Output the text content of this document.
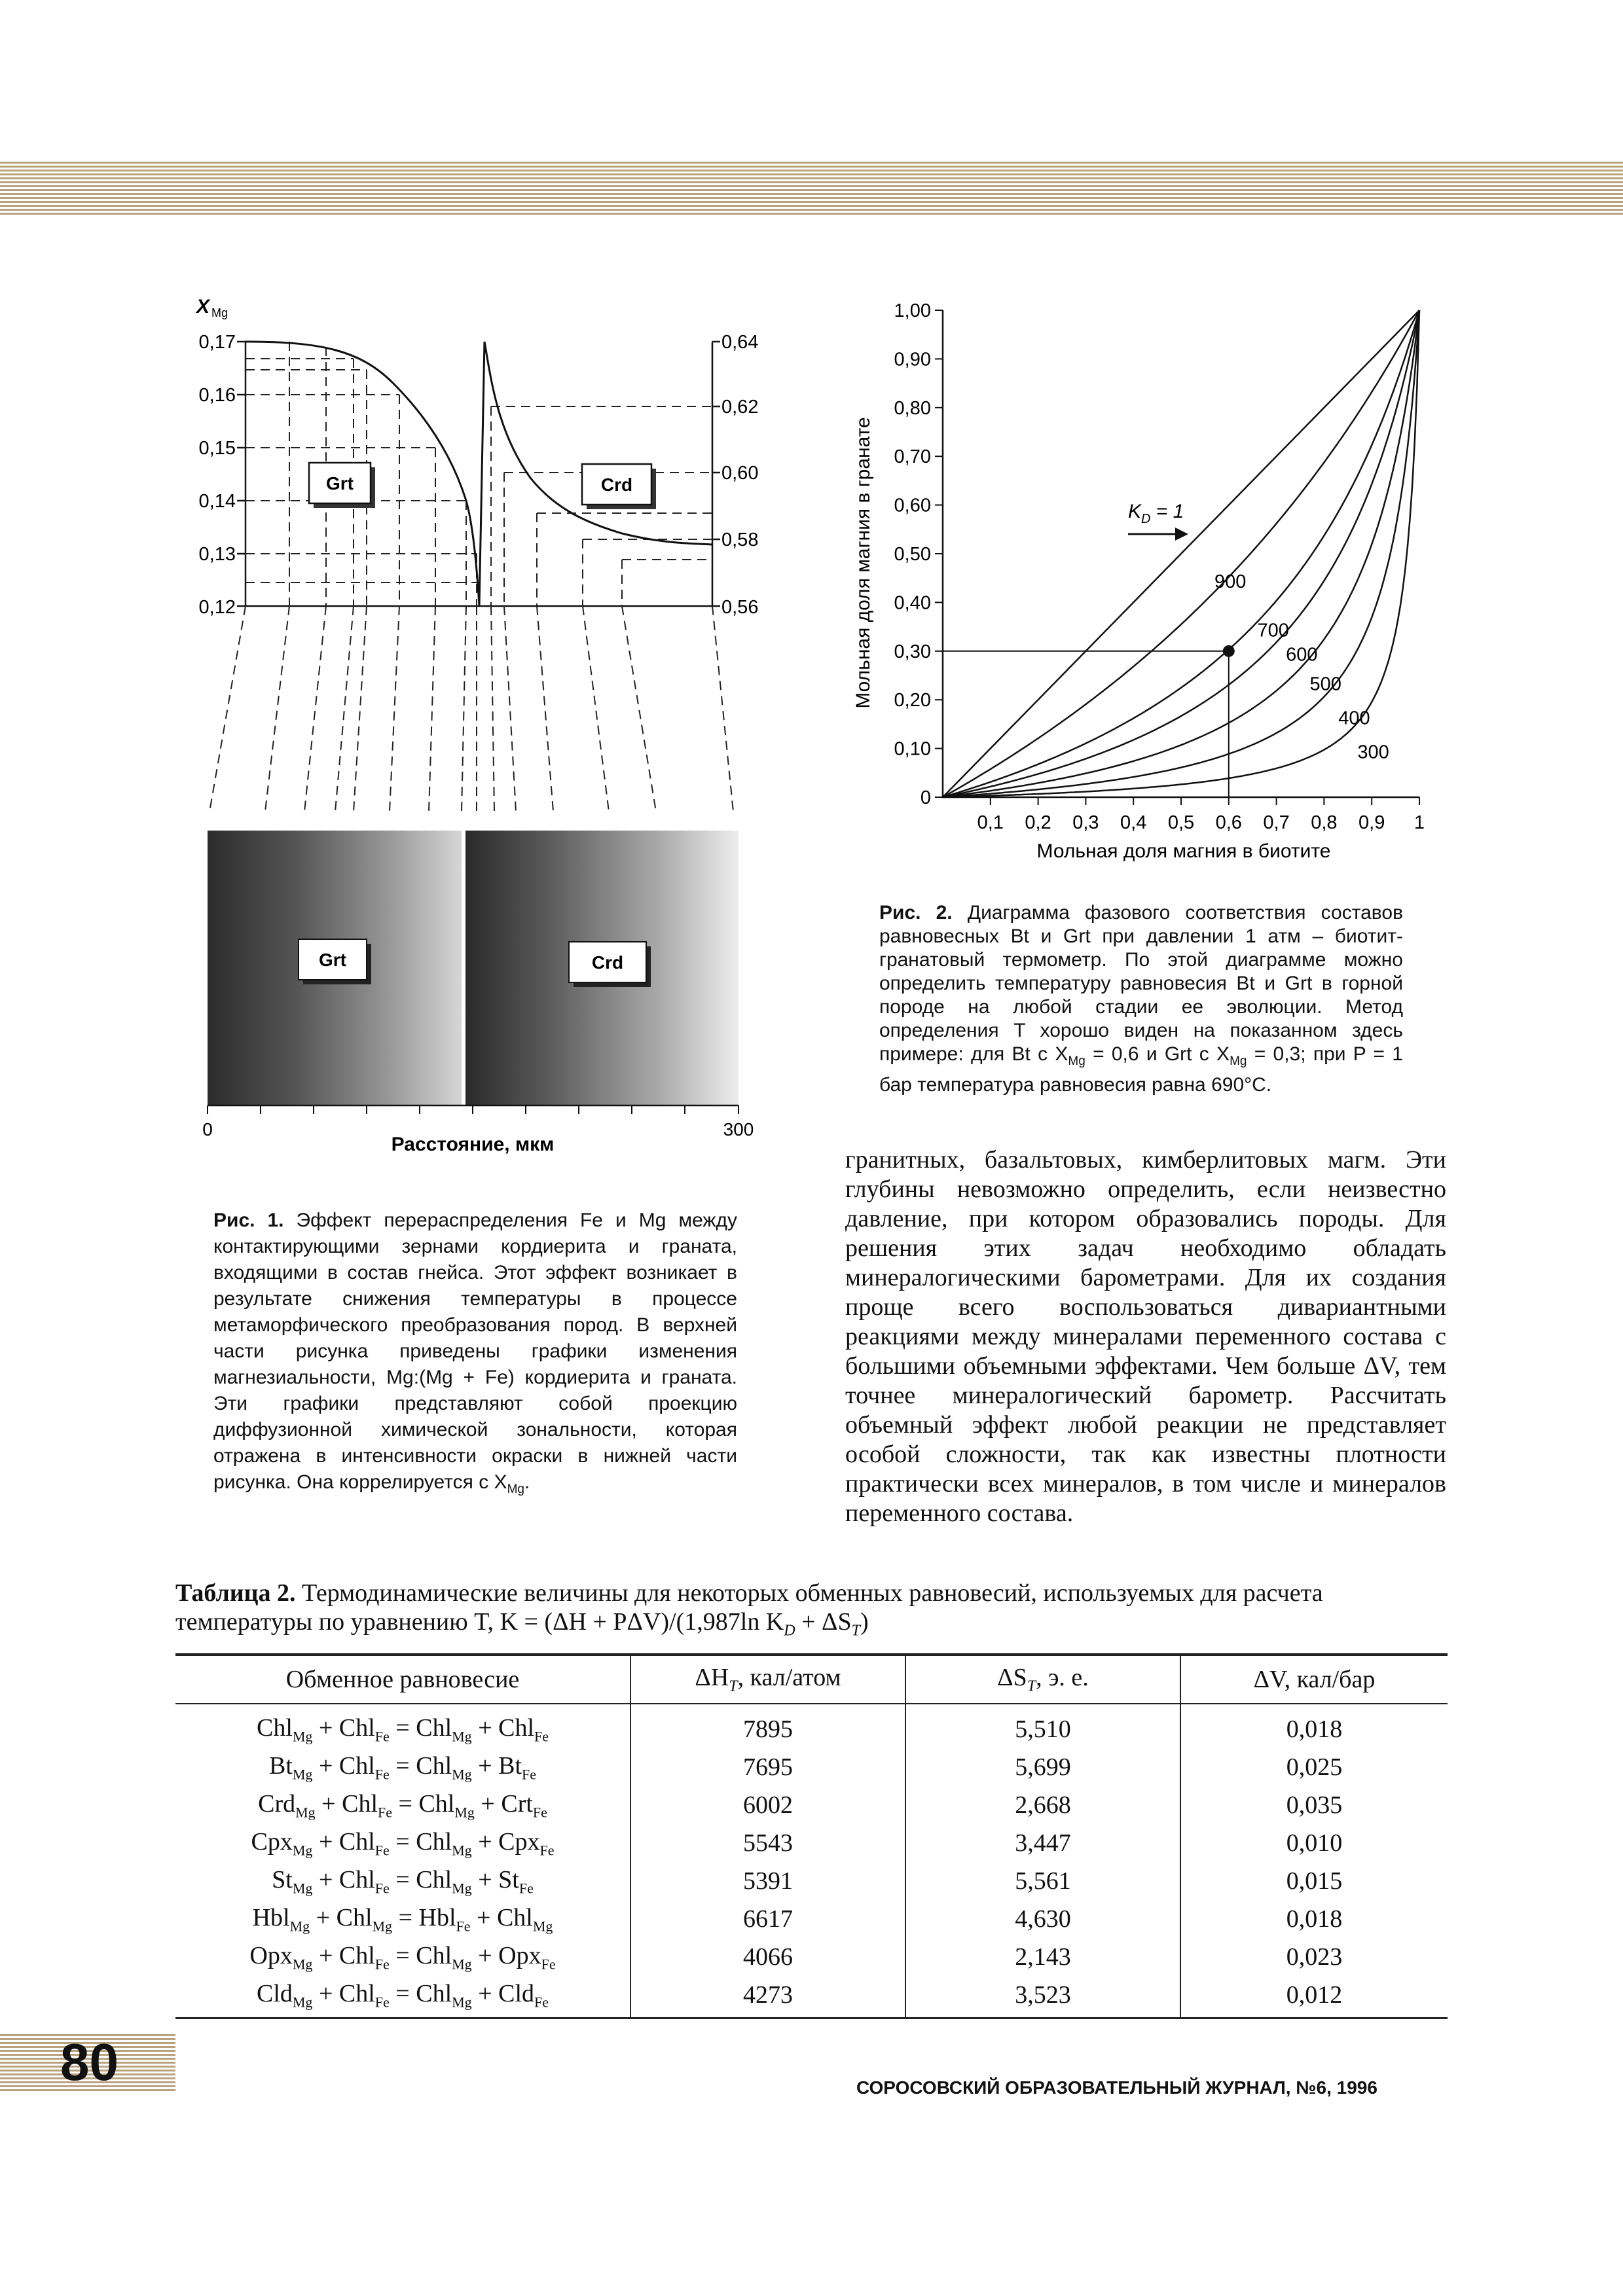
X Mg
0,17
0,16
0,15
0,14
0,13
0,12
0,64
0,62
0,60
0,58
0,56
Grt	Crd
Grt	Crd
0	300
Расстояние, мкм
Рис. 1. Эффект перераспределения Fe и Mg между контактирующими зернами кордиерита и граната, входящими в состав гнейса. Этот эффект возникает в результате снижения температуры в процессе метаморфического преобразования пород. В верхней части рисунка приведены графики изменения магнезиальности, Mg:(Mg + Fe) кордиерита и граната. Эти графики представляют собой проекцию диффузионной химической зональности, которая отражена в интенсивности окраски в нижней части рисунка. Она коррелируется с $X_{Mg}$.
0
0,10
0,20
0,30
0,40
0,50
0,60
0,70
0,80
0,90
1,00
0,1 0,2 0,3 0,4 0,5 0,6 0,7 0,8 0,9 1
900
700
600
500
400
300
Мольная доля магния в гранате
Мольная доля магния в биотите
$K_D = 1$
Рис. 2. Диаграмма фазового соответствия составов равновесных Bt и Grt при давлении 1 атм – биотит-гранатовый термометр. По этой диаграмме можно определить температуру равновесия Bt и Grt в горной породе на любой стадии ее эволюции. Метод определения T хорошо виден на показанном здесь примере: для Bt с $X_{Mg} = 0,6$ и Grt с $X_{Mg} = 0,3$; при P = 1 бар температура равновесия равна 690°С.
гранитных, базальтовых, кимберлитовых магм. Эти глубины невозможно определить, если неизвестно давление, при котором образовались породы. Для решения этих задач необходимо обладать минералогическими барометрами. Для их создания проще всего воспользоваться дивариантными реакциями между минералами переменного состава с большими объемными эффектами. Чем больше ΔV, тем точнее минералогический барометр. Рассчитать объемный эффект любой реакции не представляет особой сложности, так как известны плотности практически всех минералов, в том числе и минералов переменного состава.
Таблица 2. Термодинамические величины для некоторых обменных равновесий, используемых для расчета температуры по уравнению T, K = (ΔH + PΔV)/(1,987ln $K_D + \Delta S_T$)
Обменное равновесие	$\Delta H_T$, кал/атом	$\Delta S_T$, э. е.	ΔV, кал/бар
Chl$_{Mg}$ + Chl$_{Fe}$ = Chl$_{Mg}$ + Chl$_{Fe}$	7895	5,510	0,018
$Bt_{Mg} + Chl_{Fe} = Chl_{Mg} + Bt_{Fe}$	7695	5,699	0,025
Crd$_{Mg}$ + Chl$_{Fe}$ = Chl$_{Mg}$ + Crt$_{Fe}$	6002	2,668	0,035
Cpx$_{Mg}$ + Chl$_{Fe}$ = Chl$_{Mg}$ + Cpx$_{Fe}$	5543	3,447	0,010
$St_{Mg} + Chl_{Fe} = Chl_{Mg} + St_{Fe}$	5391	5,561	0,015
Hbl$_{Mg}$ + Chl$_{Mg}$ = Hbl$_{Fe}$ + Chl$_{Mg}$	6617	4,630	0,018
Opx$_{Mg}$ + Chl$_{Fe}$ = Chl$_{Mg}$ + Opx$_{Fe}$	4066	2,143	0,023
Cld$_{Mg}$ + Chl$_{Fe}$ = Chl$_{Mg}$ + Cld$_{Fe}$	4273	3,523	0,012
80	СОРОСОВСКИЙ ОБРАЗОВАТЕЛЬНЫЙ ЖУРНАЛ, №6, 1996
